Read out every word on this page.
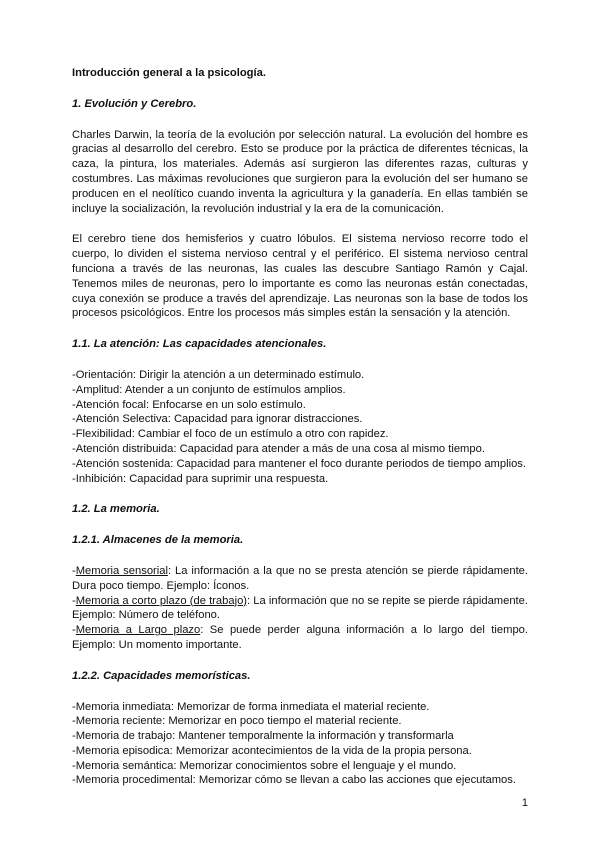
Introducción general a la psicología.

1. Evolución y Cerebro.

Charles Darwin, la teoría de la evolución por selección natural. La evolución del hombre es gracias al desarrollo del cerebro. Esto se produce por la práctica de diferentes técnicas, la caza, la pintura, los materiales. Además así surgieron las diferentes razas, culturas y costumbres. Las máximas revoluciones que surgieron para la evolución del ser humano se producen en el neolítico cuando inventa la agricultura y la ganadería. En ellas también se incluye la socialización, la revolución industrial y la era de la comunicación.

El cerebro tiene dos hemisferios y cuatro lóbulos. El sistema nervioso recorre todo el cuerpo, lo dividen el sistema nervioso central y el periférico. El sistema nervioso central funciona a través de las neuronas, las cuales las descubre Santiago Ramón y Cajal. Tenemos miles de neuronas, pero lo importante es como las neuronas están conectadas, cuya conexión se produce a través del aprendizaje. Las neuronas son la base de todos los procesos psicológicos. Entre los procesos más simples están la sensación y la atención.

1.1. La atención: Las capacidades atencionales.

-Orientación: Dirigir la atención a un determinado estímulo.
-Amplitud: Atender a un conjunto de estímulos amplios.
-Atención focal: Enfocarse en un solo estímulo.
-Atención Selectiva: Capacidad para ignorar distracciones.
-Flexibilidad: Cambiar el foco de un estímulo a otro con rapidez.
-Atención distribuida: Capacidad para atender a más de una cosa al mismo tiempo.
-Atención sostenida: Capacidad para mantener el foco durante periodos de tiempo amplios.
-Inhibición: Capacidad para suprimir una respuesta.

1.2. La memoria.

1.2.1. Almacenes de la memoria.

-Memoria sensorial: La información a la que no se presta atención se pierde rápidamente. Dura poco tiempo. Ejemplo: Íconos.
-Memoria a corto plazo (de trabajo): La información que no se repite se pierde rápidamente. Ejemplo: Número de teléfono.
-Memoria a Largo plazo: Se puede perder alguna información a lo largo del tiempo. Ejemplo: Un momento importante.

1.2.2. Capacidades memorísticas.

-Memoria inmediata: Memorizar de forma inmediata el material reciente.
-Memoria reciente: Memorizar en poco tiempo el material reciente.
-Memoria de trabajo: Mantener temporalmente la información y transformarla
-Memoria episodica: Memorizar acontecimientos de la vida de la propia persona.
-Memoria semántica: Memorizar conocimientos sobre el lenguaje y el mundo.
-Memoria procedimental: Memorizar cómo se llevan a cabo las acciones que ejecutamos.
1
